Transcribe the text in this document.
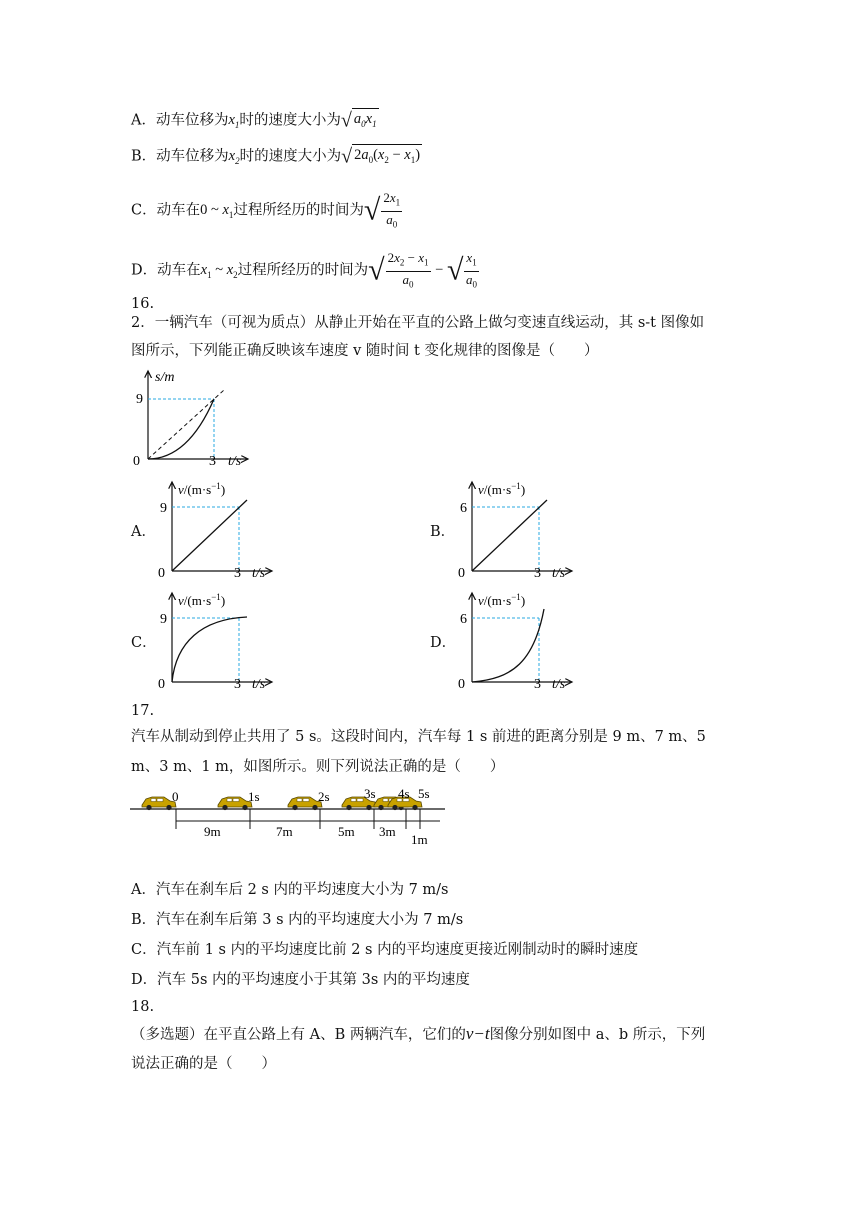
A．动车位移为$x_1$时的速度大小为√ $a_0x_1$
B．动车位移为$x_2$时的速度大小为√ $2a_0(x_2 - x_1)$
C．动车在0 ~ $x_1$过程所经历的时间为√ $\frac{2x_1}{a_0}$
D．动车在$x_1$ ~ $x_2$过程所经历的时间为√ $\frac{2x_2 - x_1}{a_0}$ − √ $\frac{x_1}{a_0}$
16.
2．一辆汽车（可视为质点）从静止开始在平直的公路上做匀变速直线运动，其 s-t 图像如
图所示，下列能正确反映该车速度 v 随时间 t 变化规律的图像是（　　）
s/m
9
0	3 t/s
A．	B．
C．	D．
$v/(m\cdot s^{-1})$
9
0	3 t/s
$v/(m\cdot s^{-1})$
6
0	3 t/s
$v/(m\cdot s^{-1})$
9
0	3 t/s
$v/(m\cdot s^{-1})$
6
0	3 t/s
17.
汽车从制动到停止共用了 5 s。这段时间内，汽车每 1 s 前进的距离分别是 9 m、7 m、5
m、3 m、1 m，如图所示。则下列说法正确的是（　　）
0	1s	2s	3s 4s 5s
9m	7m	5m 3m
1m
A．汽车在刹车后 2 s 内的平均速度大小为 7 m/s
B．汽车在刹车后第 3 s 内的平均速度大小为 7 m/s
C．汽车前 1 s 内的平均速度比前 2 s 内的平均速度更接近刚制动时的瞬时速度
D．汽车 5s 内的平均速度小于其第 3s 内的平均速度
18.
（多选题）在平直公路上有 A、B 两辆汽车，它们的v−t图像分别如图中 a、b 所示，下列
说法正确的是（　　）
